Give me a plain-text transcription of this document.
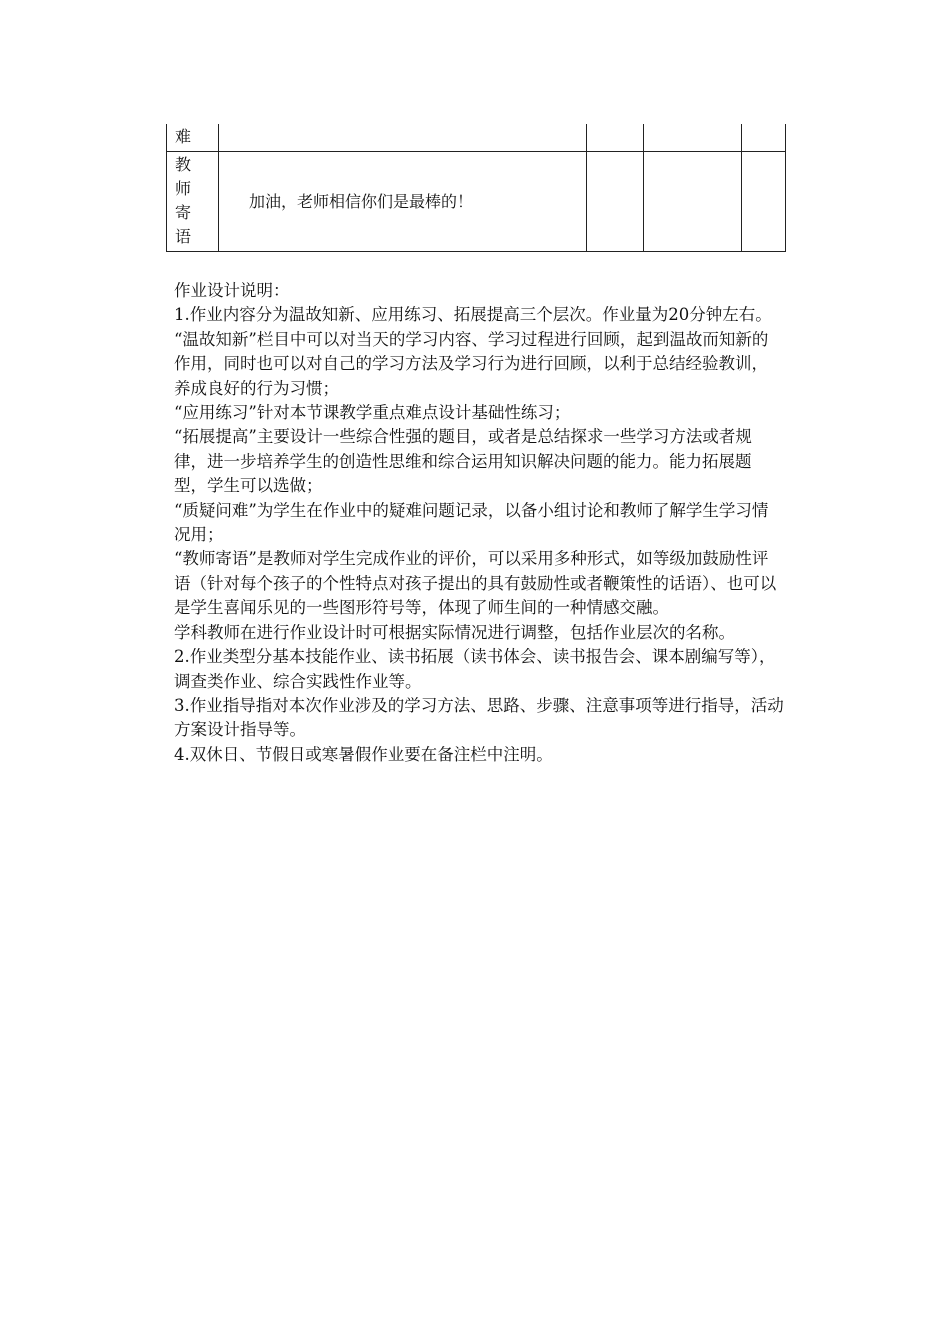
难				

教
师
寄
语	加油，老师相信你们是最棒的！			

作业设计说明：

1.作业内容分为温故知新、应用练习、拓展提高三个层次。作业量为20分钟左右。

“温故知新”栏目中可以对当天的学习内容、学习过程进行回顾，起到温故而知新的作用，同时也可以对自己的学习方法及学习行为进行回顾，以利于总结经验教训，养成良好的行为习惯；

“应用练习”针对本节课教学重点难点设计基础性练习；

“拓展提高”主要设计一些综合性强的题目，或者是总结探求一些学习方法或者规律，进一步培养学生的创造性思维和综合运用知识解决问题的能力。能力拓展题型，学生可以选做；

“质疑问难”为学生在作业中的疑难问题记录，以备小组讨论和教师了解学生学习情况用；

“教师寄语”是教师对学生完成作业的评价，可以采用多种形式，如等级加鼓励性评语（针对每个孩子的个性特点对孩子提出的具有鼓励性或者鞭策性的话语）、也可以是学生喜闻乐见的一些图形符号等，体现了师生间的一种情感交融。

学科教师在进行作业设计时可根据实际情况进行调整，包括作业层次的名称。

2.作业类型分基本技能作业、读书拓展（读书体会、读书报告会、课本剧编写等），调查类作业、综合实践性作业等。

3.作业指导指对本次作业涉及的学习方法、思路、步骤、注意事项等进行指导，活动方案设计指导等。

4.双休日、节假日或寒暑假作业要在备注栏中注明。
